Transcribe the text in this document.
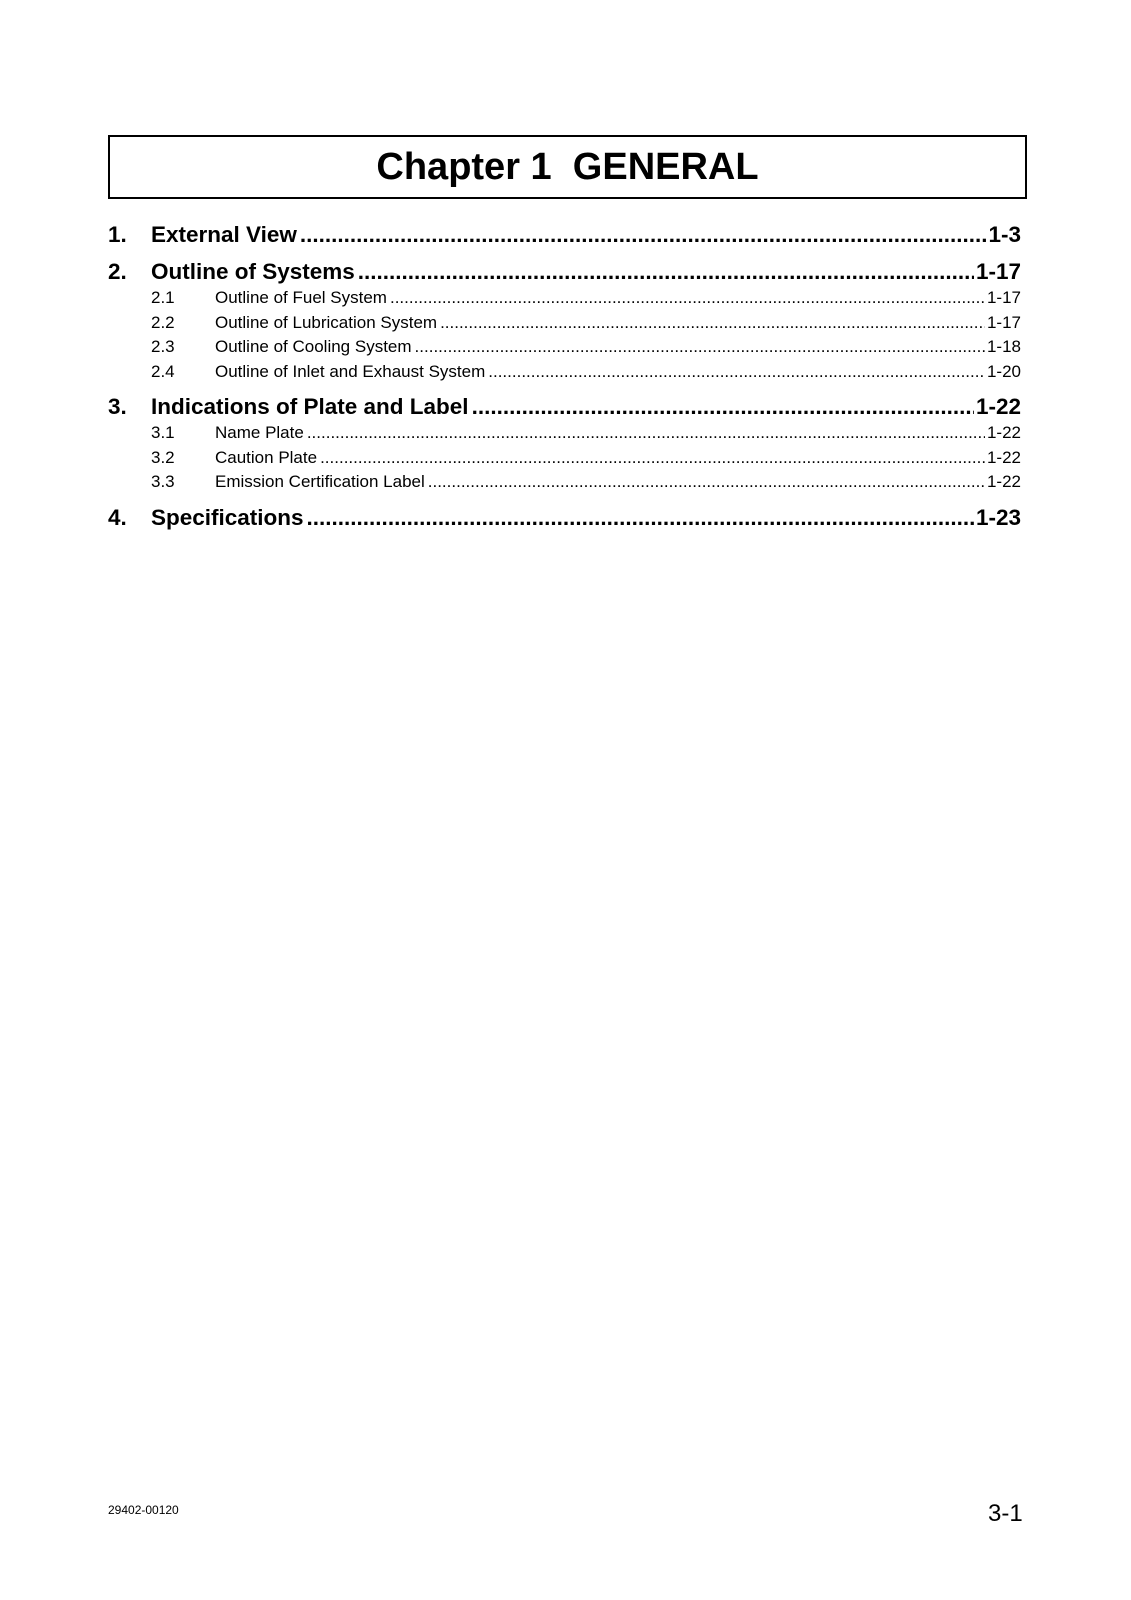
Chapter 1  GENERAL
1.	External View .....	1-3
2.	Outline of Systems .....	1-17
2.1	Outline of Fuel System .....	1-17
2.2	Outline of Lubrication System .....	1-17
2.3	Outline of Cooling System .....	1-18
2.4	Outline of Inlet and Exhaust System .....	1-20
3.	Indications of Plate and Label .....	1-22
3.1	Name Plate .....	1-22
3.2	Caution Plate .....	1-22
3.3	Emission Certification Label .....	1-22
4.	Specifications .....	1-23
29402-00120	3-1
